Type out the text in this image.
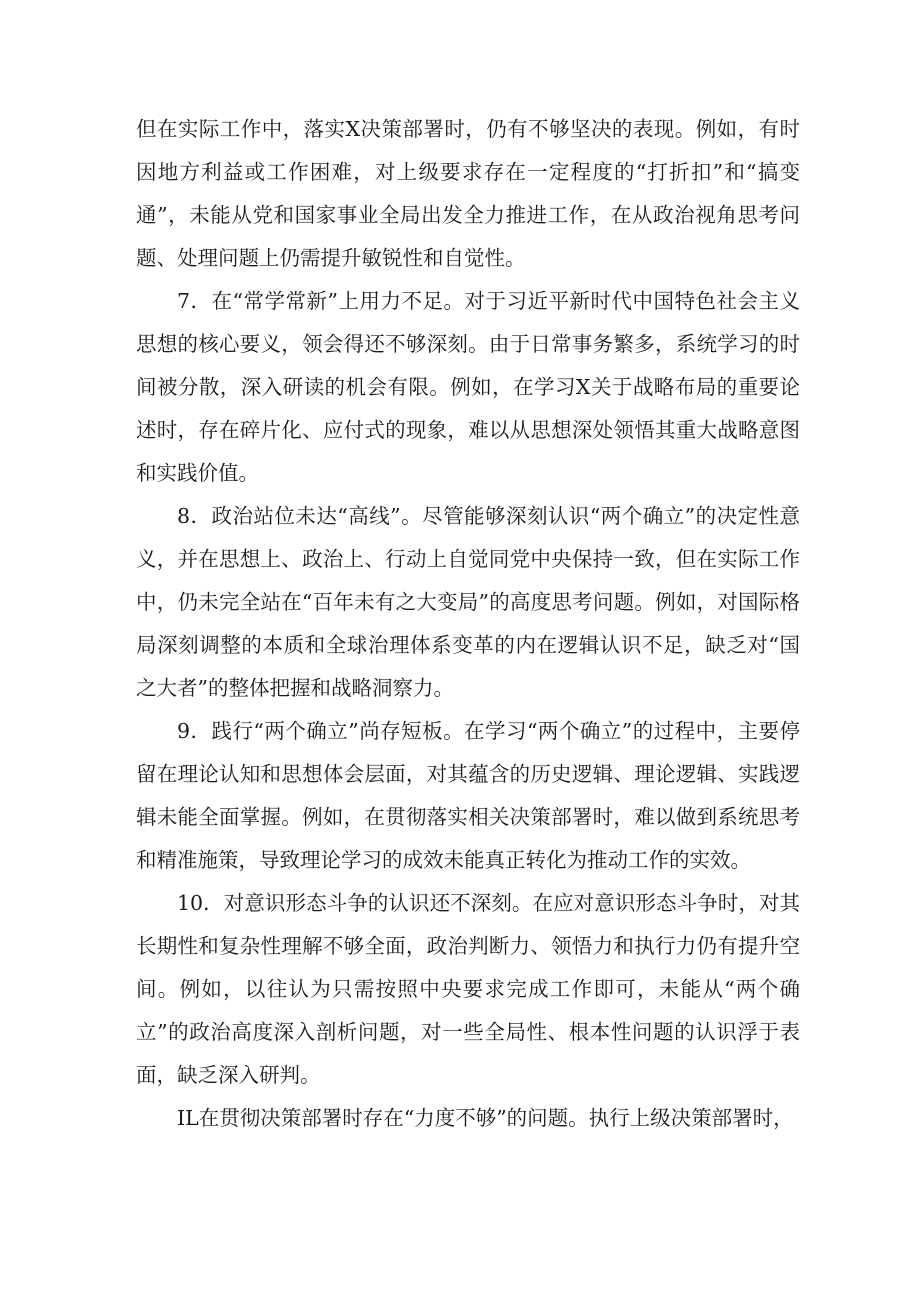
但在实际工作中，落实X决策部署时，仍有不够坚决的表现。例如，有时因地方利益或工作困难，对上级要求存在一定程度的“打折扣”和“搞变通”，未能从党和国家事业全局出发全力推进工作，在从政治视角思考问题、处理问题上仍需提升敏锐性和自觉性。

7．在“常学常新”上用力不足。对于习近平新时代中国特色社会主义思想的核心要义，领会得还不够深刻。由于日常事务繁多，系统学习的时间被分散，深入研读的机会有限。例如，在学习X关于战略布局的重要论述时，存在碎片化、应付式的现象，难以从思想深处领悟其重大战略意图和实践价值。

8．政治站位未达“高线”。尽管能够深刻认识“两个确立”的决定性意义，并在思想上、政治上、行动上自觉同党中央保持一致，但在实际工作中，仍未完全站在“百年未有之大变局”的高度思考问题。例如，对国际格局深刻调整的本质和全球治理体系变革的内在逻辑认识不足，缺乏对“国之大者”的整体把握和战略洞察力。

9．践行“两个确立”尚存短板。在学习“两个确立”的过程中，主要停留在理论认知和思想体会层面，对其蕴含的历史逻辑、理论逻辑、实践逻辑未能全面掌握。例如，在贯彻落实相关决策部署时，难以做到系统思考和精准施策，导致理论学习的成效未能真正转化为推动工作的实效。

10．对意识形态斗争的认识还不深刻。在应对意识形态斗争时，对其长期性和复杂性理解不够全面，政治判断力、领悟力和执行力仍有提升空间。例如，以往认为只需按照中央要求完成工作即可，未能从“两个确立”的政治高度深入剖析问题，对一些全局性、根本性问题的认识浮于表面，缺乏深入研判。

IL在贯彻决策部署时存在“力度不够”的问题。执行上级决策部署时，
